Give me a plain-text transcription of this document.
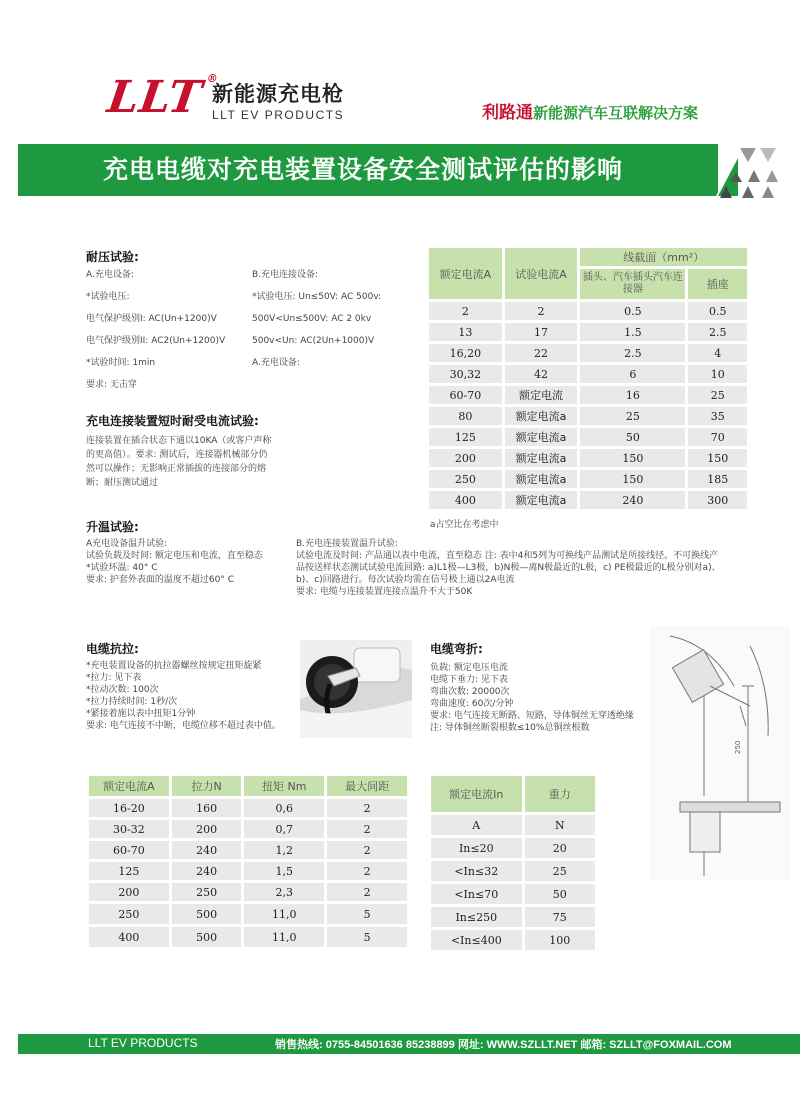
LLT®
新能源充电枪
LLT EV PRODUCTS	利路通新能源汽车互联解决方案
充电电缆对充电装置设备安全测试评估的影响
耐压试验:
A.充电设备:
*试验电压:
电气保护级别I: AC(Un+1200)V
电气保护级别II: AC2(Un+1200)V
*试验时间: 1min
要求: 无击穿
B.充电连接设备:
*试验电压: Un≤50V: AC 500v:
500V<Un≤500V: AC 2 0kv
500v<Un: AC(2Un+1000)V
A.充电设备:
充电连接装置短时耐受电流试验:
连接装置在插合状态下通以10KA（或客户声称的更高值）。要求: 测试后，连接器机械部分仍然可以操作；无影响正常插拔的连接部分的熔断；耐压测试通过
额定电流A	试验电流A	线截面（mm²）	
		插头、汽车插头汽车连接器	插座
2	2	0.5	0.5
13	17	1.5	2.5
16,20	22	2.5	4
30,32	42	6	10
60-70	额定电流	16	25
80	额定电流a	25	35
125	额定电流a	50	70
200	额定电流a	150	150
250	额定电流a	150	185
400	额定电流a	240	300
a占空比在考虑中
升温试验:
A充电设备温升试验:
试验负载及时间: 额定电压和电流，直至稳态
*试验环温: 40° C
要求: 护套外表面的温度不超过60° C
B.充电连接装置温升试验:
试验电流及时间: 产品通以表中电流，直至稳态 注: 表中4和5列为可换线产品测试是所接线径。不可换线产品按送样状态测试试验电流回路: a)L1极—L3极，b)N极—离N极最近的L极，c) PE极最近的L极分别对a)、b)、c)回路进行。每次试验均需在信号极上通以2A电流
要求: 电缆与连接装置连接点温升不大于50K
电缆抗拉:
*充电装置设备的抗拉器螺丝按规定扭矩旋紧
*拉力: 见下表
*拉动次数: 100次
*拉力持续时间: 1秒/次
*紧接着施以表中扭矩1分钟
要求: 电气连接不中断，电缆位移不超过表中值。
额定电流A	拉力N	扭矩 Nm	最大间距
16-20	160	0,6	2
30-32	200	0,7	2
60-70	240	1,2	2
125	240	1,5	2
200	250	2,3	2
250	500	11,0	5
400	500	11,0	5
电缆弯折:
负载: 额定电压电流
电缆下垂力: 见下表
弯曲次数: 20000次
弯曲速度: 60次/分钟
要求: 电气连接无断路、短路，导体铜丝无穿透绝缘
注: 导体铜丝断裂根数≤10%总铜丝根数
250
额定电流In	重力
A	N
In≤20	20
<In≤32	25
<In≤70	50
In≤250	75
<In≤400	100
LLT EV PRODUCTS	销售热线: 0755-84501636 85238899 网址: WWW.SZLLT.NET 邮箱: SZLLT@FOXMAIL.COM
